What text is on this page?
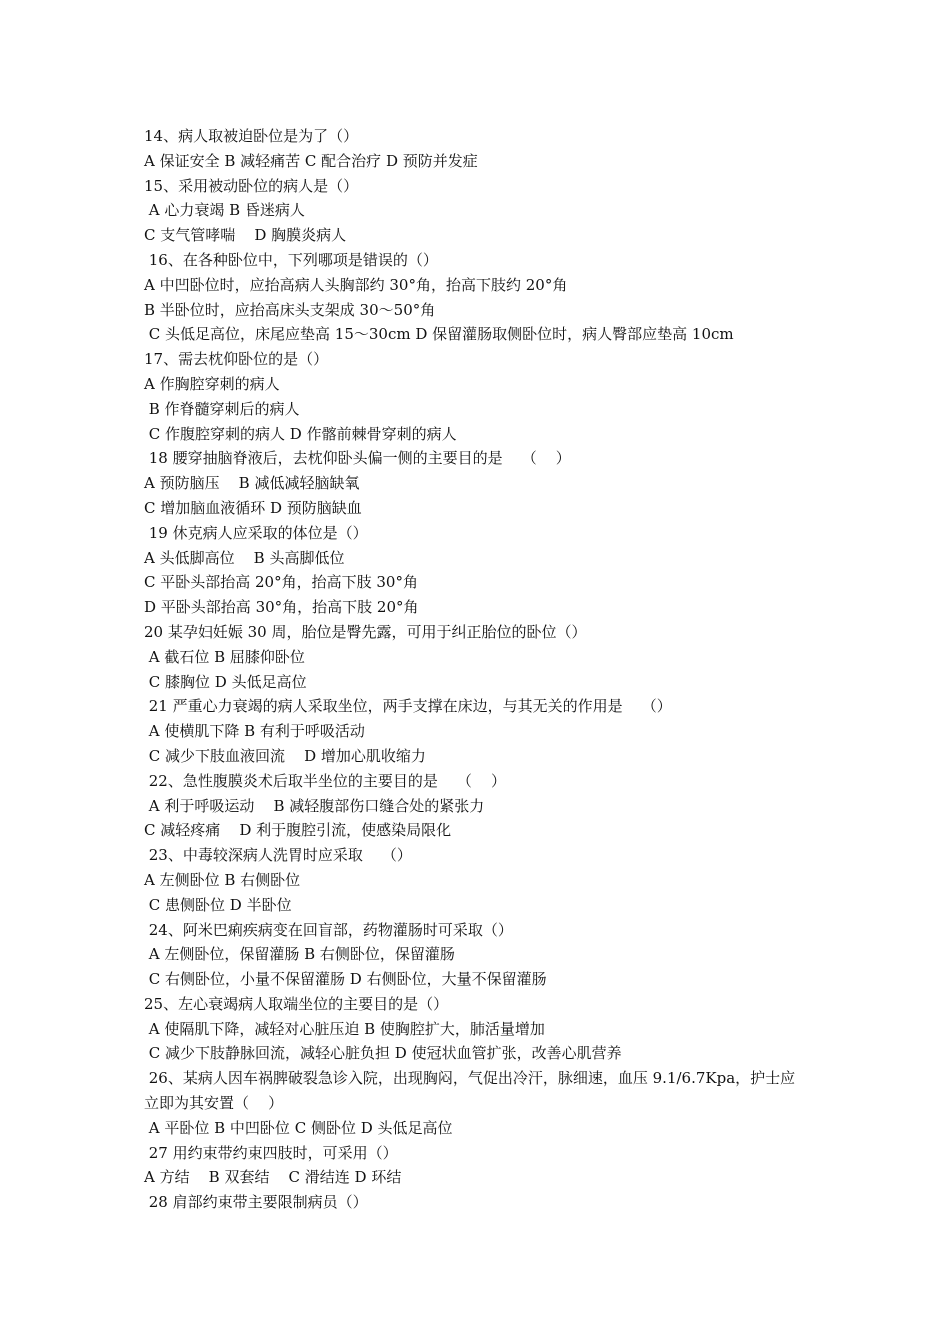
14、病人取被迫卧位是为了（）

A 保证安全 B 减轻痛苦 C 配合治疗 D 预防并发症

15、采用被动卧位的病人是（）

A 心力衰竭 B 昏迷病人

C 支气管哮喘    D 胸膜炎病人

16、在各种卧位中，下列哪项是错误的（）

A 中凹卧位时，应抬高病人头胸部约 30°角，抬高下肢约 20°角

B 半卧位时，应抬高床头支架成 30～50°角

C 头低足高位，床尾应垫高 15～30cm D 保留灌肠取侧卧位时，病人臀部应垫高 10cm

17、需去枕仰卧位的是（）

A 作胸腔穿刺的病人

B 作脊髓穿刺后的病人

C 作腹腔穿刺的病人 D 作髂前棘骨穿刺的病人

18 腰穿抽脑脊液后，去枕仰卧头偏一侧的主要目的是    （    ）

A 预防脑压    B 减低减轻脑缺氧

C 增加脑血液循环 D 预防脑缺血

19 休克病人应采取的体位是（）

A 头低脚高位    B 头高脚低位

C 平卧头部抬高 20°角，抬高下肢 30°角

D 平卧头部抬高 30°角，抬高下肢 20°角

20 某孕妇妊娠 30 周，胎位是臀先露，可用于纠正胎位的卧位（）

A 截石位 B 屈膝仰卧位

C 膝胸位 D 头低足高位

21 严重心力衰竭的病人采取坐位，两手支撑在床边，与其无关的作用是    （）

A 使横肌下降 B 有利于呼吸活动

C 减少下肢血液回流    D 增加心肌收缩力

22、急性腹膜炎术后取半坐位的主要目的是    （    ）

A 利于呼吸运动    B 减轻腹部伤口缝合处的紧张力

C 减轻疼痛    D 利于腹腔引流，使感染局限化

23、中毒较深病人洗胃时应采取    （）

A 左侧卧位 B 右侧卧位

C 患侧卧位 D 半卧位

24、阿米巴痢疾病变在回盲部，药物灌肠时可采取（）

A 左侧卧位，保留灌肠 B 右侧卧位，保留灌肠

C 右侧卧位，小量不保留灌肠 D 右侧卧位，大量不保留灌肠

25、左心衰竭病人取端坐位的主要目的是（）

A 使隔肌下降，减轻对心脏压迫 B 使胸腔扩大，肺活量增加

C 减少下肢静脉回流，减轻心脏负担 D 使冠状血管扩张，改善心肌营养

26、某病人因车祸脾破裂急诊入院，出现胸闷，气促出冷汗，脉细速，血压 9.1/6.7Kpa，护士应

立即为其安置（    ）

A 平卧位 B 中凹卧位 C 侧卧位 D 头低足高位

27 用约束带约束四肢时，可采用（）

A 方结    B 双套结    C 滑结连 D 环结

28 肩部约束带主要限制病员（）
